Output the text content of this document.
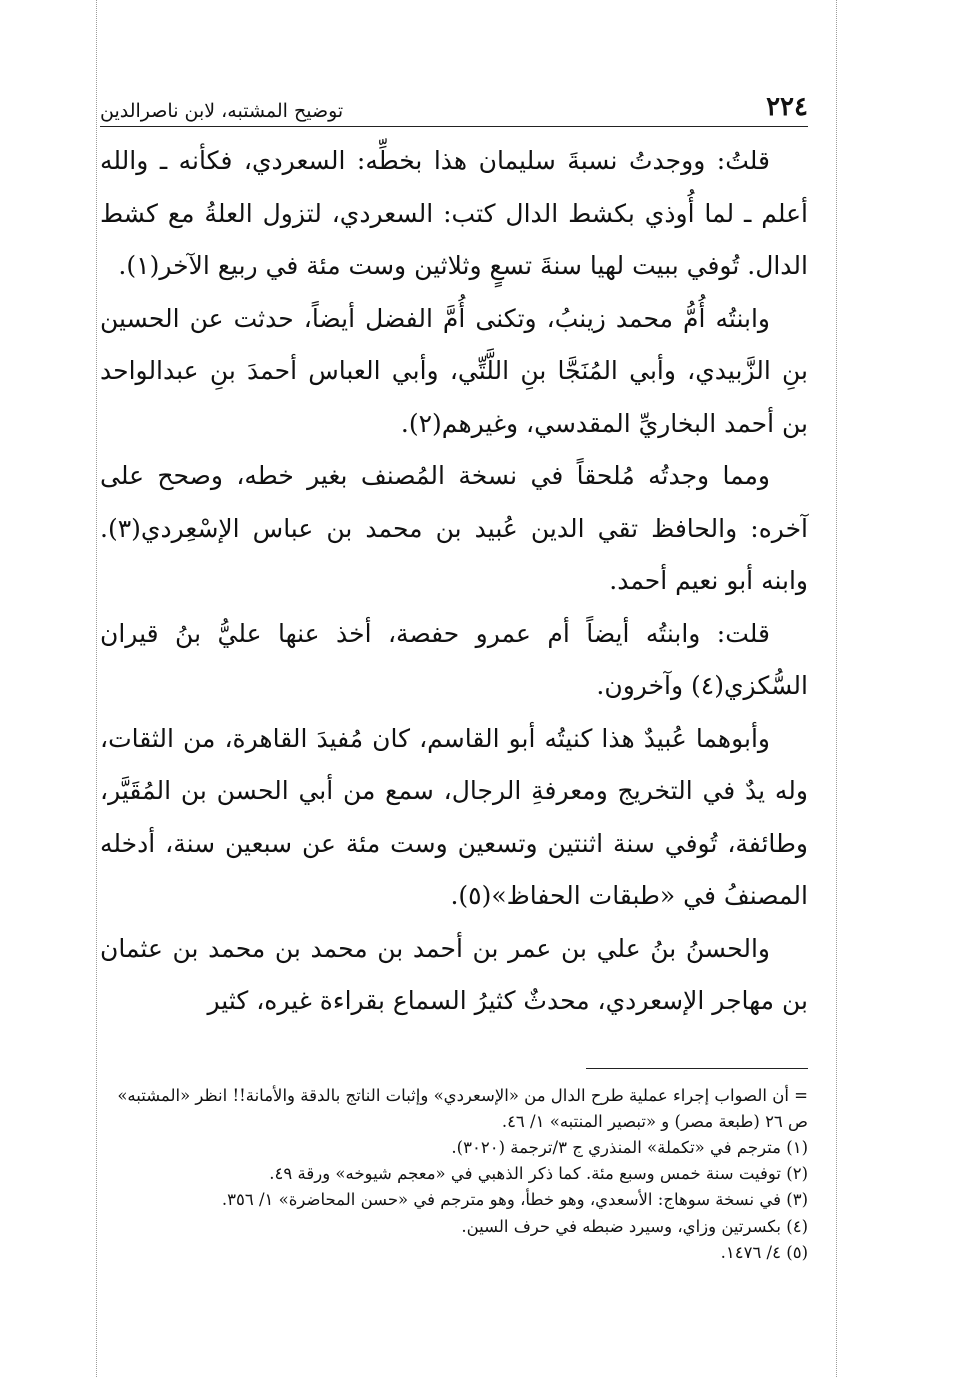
٢٢٤
توضيح المشتبه، لابن ناصرالدين

قلتُ: ووجدتُ نسبةَ سليمان هذا بخطِّه: السعردي، فكأنه ـ والله أعلم ـ لما أُوذي بكشط الدال كتب: السعردي، لتزول العلةُ مع كشط الدال. تُوفي ببيت لهيا سنةَ تسعٍ وثلاثين وست مئة في ربيع الآخر(١).

وابنتُه أُمُّ محمد زينبُ، وتكنى أُمَّ الفضل أيضاً، حدثت عن الحسين بنِ الزَّبيدي، وأبي المُنَجَّا بنِ اللَّتِّي، وأبي العباس أحمدَ بنِ عبدالواحد بن أحمد البخاريِّ المقدسي، وغيرهم(٢).

ومما وجدتُه مُلحقاً في نسخة المُصنف بغير خطه، وصحح على آخره: والحافظ تقي الدين عُبيد بن محمد بن عباس الإسْعِردي(٣). وابنه أبو نعيم أحمد.

قلت: وابنتُه أيضاً أم عمرو حفصة، أخذ عنها عليُّ بنُ قيران السُّكزي(٤) وآخرون.

وأبوهما عُبيدٌ هذا كنيتُه أبو القاسم، كان مُفيدَ القاهرة، من الثقات، وله يدٌ في التخريج ومعرفةِ الرجال، سمع من أبي الحسن بن المُقَيَّر، وطائفة، تُوفي سنة اثنتين وتسعين وست مئة عن سبعين سنة، أدخله المصنفُ في «طبقات الحفاظ»(٥).

والحسنُ بنُ علي بن عمر بن أحمد بن محمد بن محمد بن عثمان بن مهاجر الإسعردي، محدثٌ كثيرُ السماع بقراءة غيره، كثير

= أن الصواب إجراء عملية طرح الدال من «الإسعردي» وإثبات الناتج بالدقة والأمانة!! انظر «المشتبه» ص ٢٦ (طبعة مصر) و «تبصير المنتبه» ١/ ٤٦.
(١) مترجم في «تكملة» المنذري ج ٣/ترجمة (٣٠٢٠).
(٢) توفيت سنة خمس وسبع مئة. كما ذكر الذهبي في «معجم شيوخه» ورقة ٤٩.
(٣) في نسخة سوهاج: الأسعدي، وهو خطأ، وهو مترجم في «حسن المحاضرة» ١/ ٣٥٦.
(٤) بكسرتين وزاي، وسيرد ضبطه في حرف السين.
(٥) ٤/ ١٤٧٦.
